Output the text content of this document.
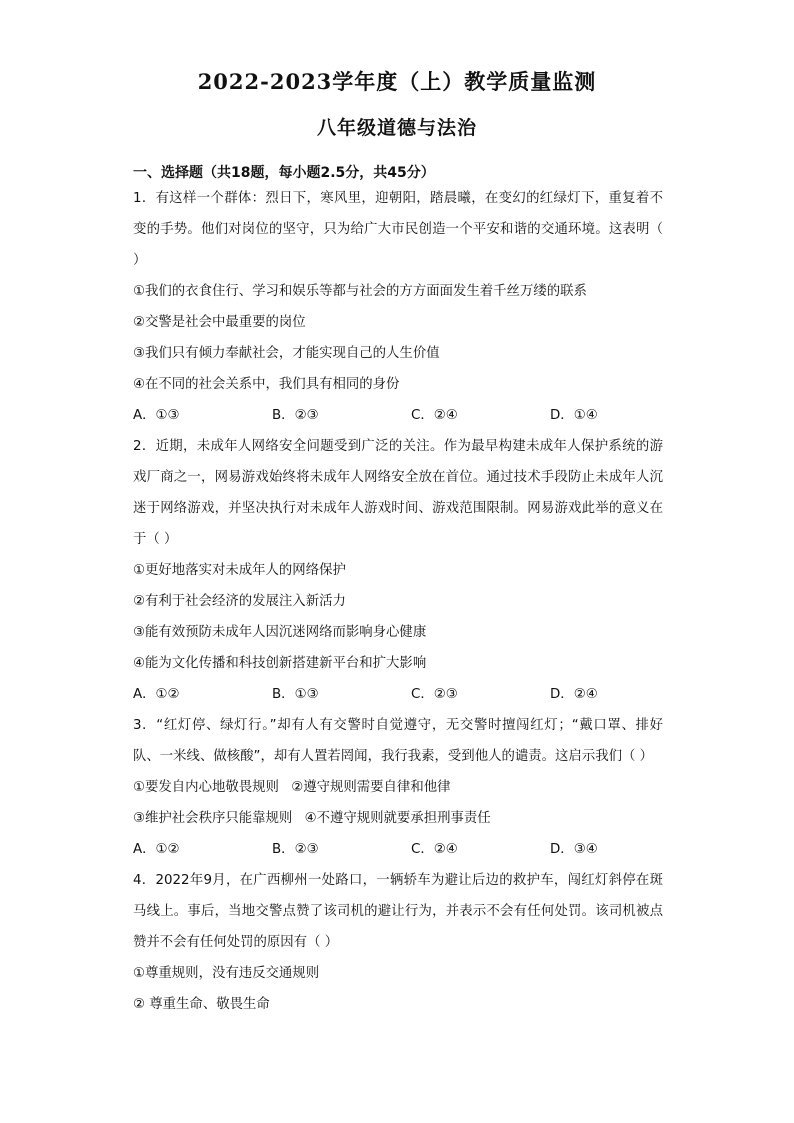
2022-2023学年度（上）教学质量监测
八年级道德与法治
一、选择题（共18题，每小题2.5分，共45分）

1．有这样一个群体：烈日下，寒风里，迎朝阳，踏晨曦，在变幻的红绿灯下，重复着不变的手势。他们对岗位的坚守，只为给广大市民创造一个平安和谐的交通环境。这表明（ ）

①我们的衣食住行、学习和娱乐等都与社会的方方面面发生着千丝万缕的联系

②交警是社会中最重要的岗位

③我们只有倾力奉献社会，才能实现自己的人生价值

④在不同的社会关系中，我们具有相同的身份

A．①③	B．②③	C．②④	D．①④

2．近期，未成年人网络安全问题受到广泛的关注。作为最早构建未成年人保护系统的游戏厂商之一，网易游戏始终将未成年人网络安全放在首位。通过技术手段防止未成年人沉迷于网络游戏，并坚决执行对未成年人游戏时间、游戏范围限制。网易游戏此举的意义在于（ ）

①更好地落实对未成年人的网络保护

②有利于社会经济的发展注入新活力

③能有效预防未成年人因沉迷网络而影响身心健康

④能为文化传播和科技创新搭建新平台和扩大影响

A．①②	B．①③	C．②③	D．②④

3．“红灯停、绿灯行。”却有人有交警时自觉遵守，无交警时擅闯红灯；“戴口罩、排好队、一米线、做核酸”，却有人置若罔闻，我行我素，受到他人的谴责。这启示我们（ ）

①要发自内心地敬畏规则 ②遵守规则需要自律和他律

③维护社会秩序只能靠规则 ④不遵守规则就要承担刑事责任

A．①②	B．②③	C．②④	D．③④

4．2022年9月，在广西柳州一处路口，一辆轿车为避让后边的救护车，闯红灯斜停在斑马线上。事后，当地交警点赞了该司机的避让行为，并表示不会有任何处罚。该司机被点赞并不会有任何处罚的原因有（ ）

①尊重规则，没有违反交通规则

② 尊重生命、敬畏生命
